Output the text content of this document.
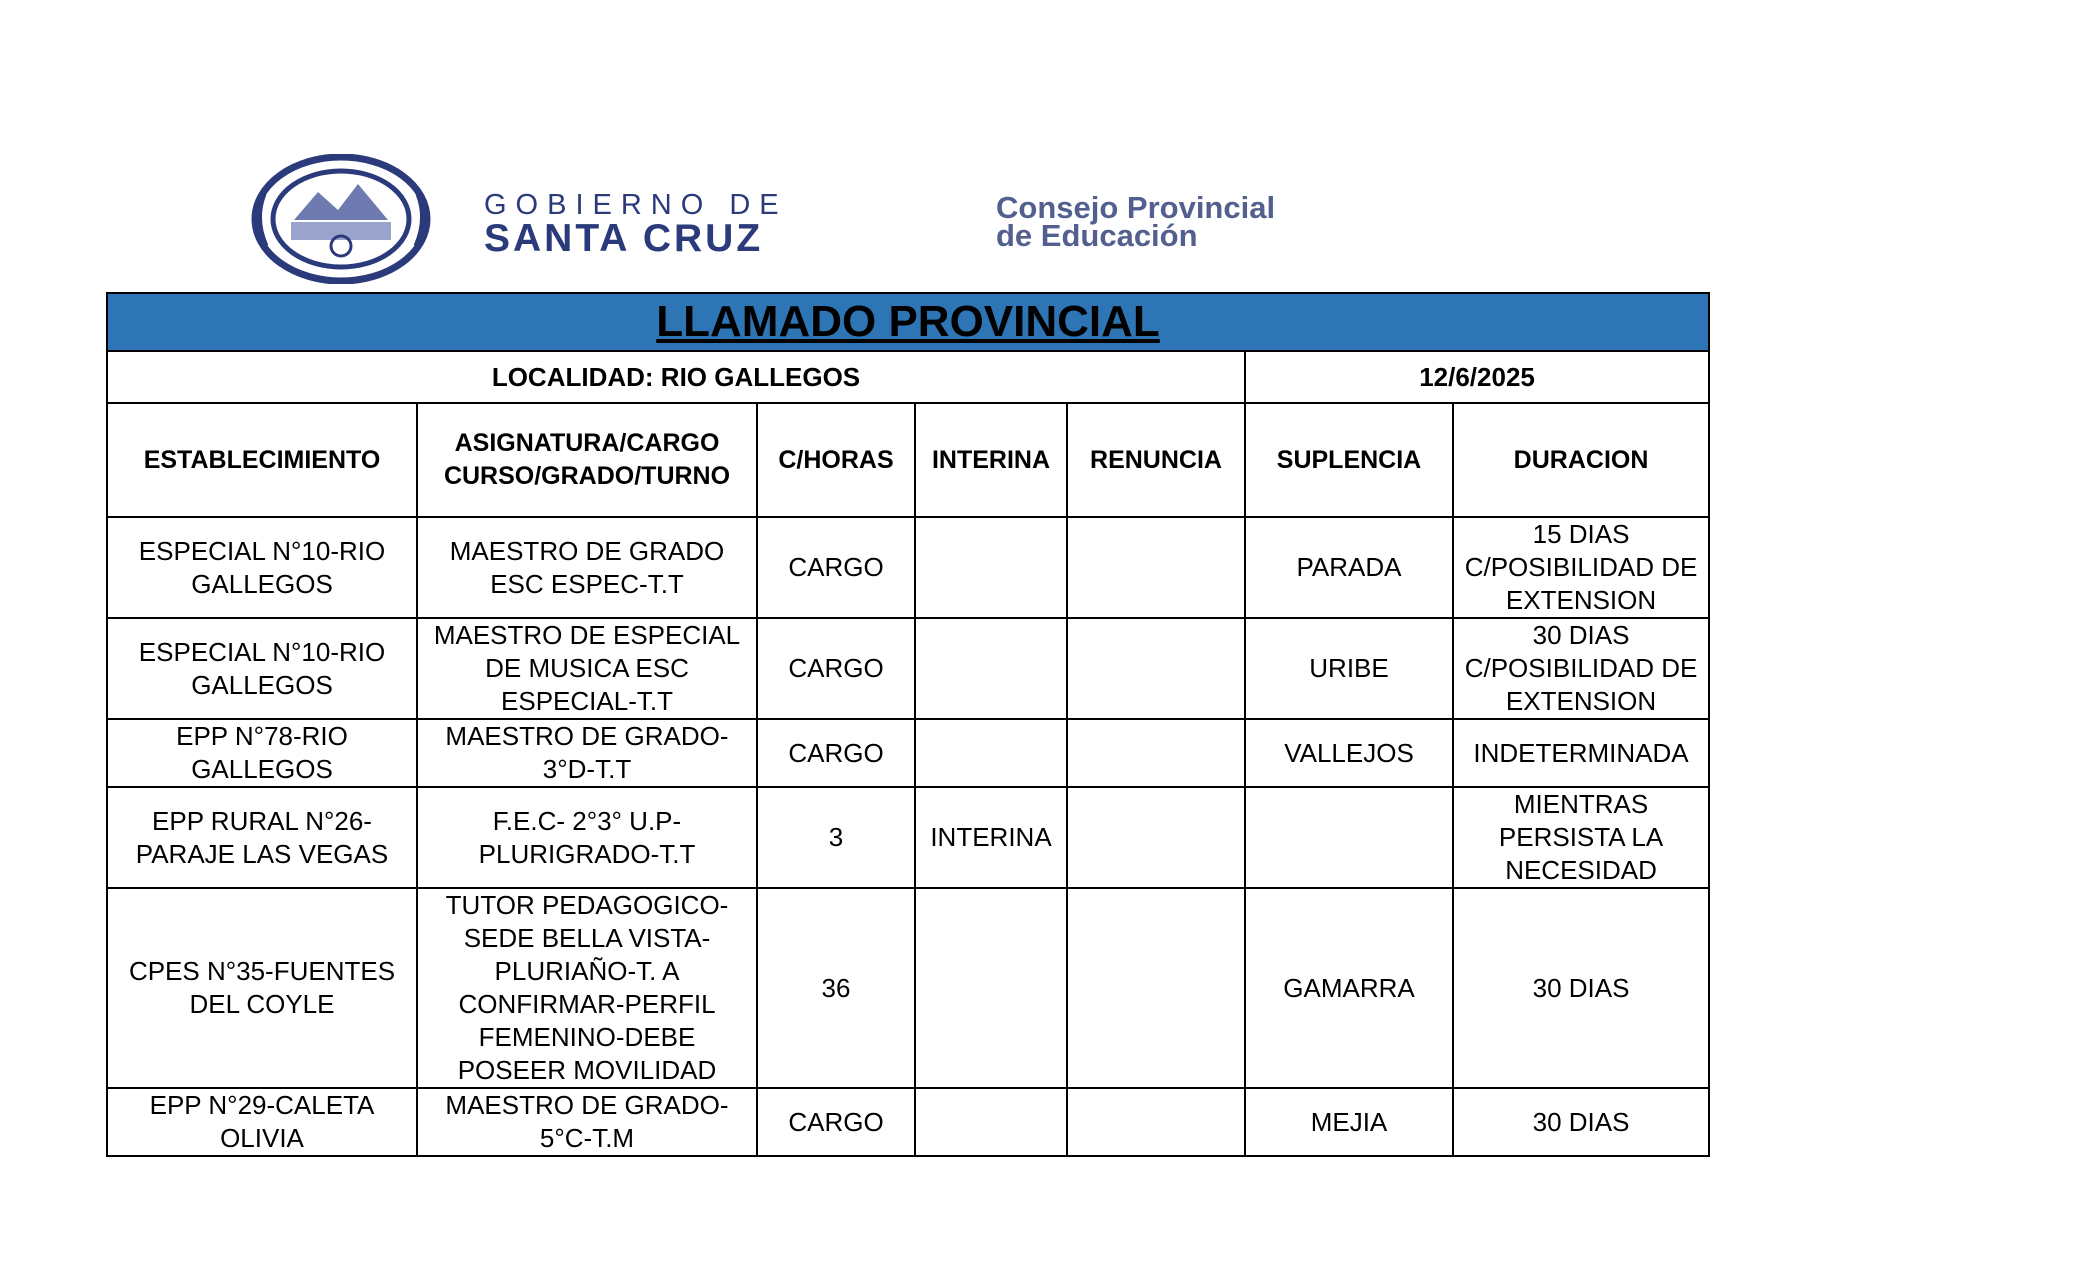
GOBIERNO DE
SANTA CRUZ
Consejo Provincial
de Educación
LLAMADO PROVINCIAL						
LOCALIDAD: RIO GALLEGOS					12/6/2025	
ESTABLECIMIENTO	ASIGNATURA/CARGO CURSO/GRADO/TURNO	C/HORAS	INTERINA	RENUNCIA	SUPLENCIA	DURACION
ESPECIAL N°10-RIO GALLEGOS	MAESTRO DE GRADO ESC ESPEC-T.T	CARGO			PARADA	15 DIAS C/POSIBILIDAD DE EXTENSION
ESPECIAL N°10-RIO GALLEGOS	MAESTRO DE ESPECIAL DE MUSICA ESC ESPECIAL-T.T	CARGO			URIBE	30 DIAS C/POSIBILIDAD DE EXTENSION
EPP N°78-RIO GALLEGOS	MAESTRO DE GRADO-3°D-T.T	CARGO			VALLEJOS	INDETERMINADA
EPP RURAL N°26-PARAJE LAS VEGAS	F.E.C- 2°3° U.P-PLURIGRADO-T.T	3	INTERINA			MIENTRAS PERSISTA LA NECESIDAD
CPES N°35-FUENTES DEL COYLE	TUTOR PEDAGOGICO-SEDE BELLA VISTA-PLURIAÑO-T. A CONFIRMAR-PERFIL FEMENINO-DEBE POSEER MOVILIDAD	36			GAMARRA	30 DIAS
EPP N°29-CALETA OLIVIA	MAESTRO DE GRADO-5°C-T.M	CARGO			MEJIA	30 DIAS
